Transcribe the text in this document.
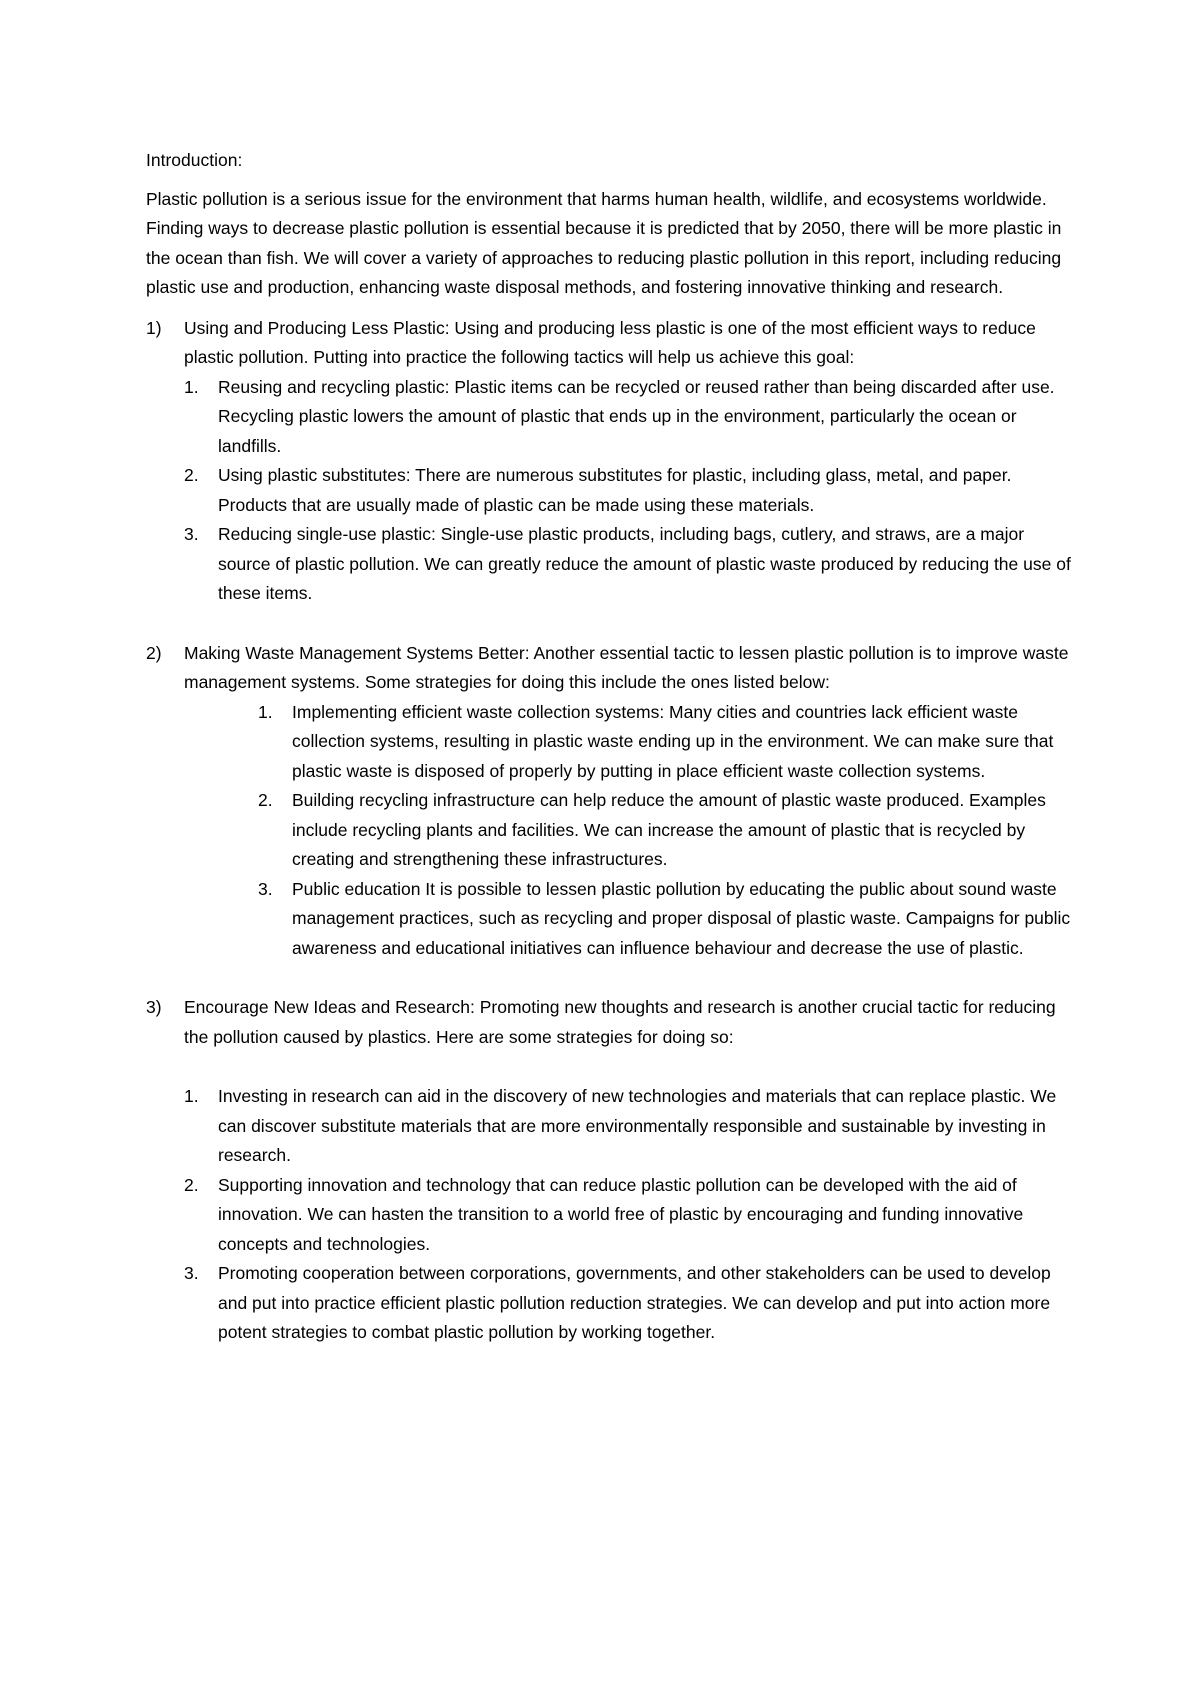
Introduction:

Plastic pollution is a serious issue for the environment that harms human health, wildlife, and ecosystems worldwide. Finding ways to decrease plastic pollution is essential because it is predicted that by 2050, there will be more plastic in the ocean than fish. We will cover a variety of approaches to reducing plastic pollution in this report, including reducing plastic use and production, enhancing waste disposal methods, and fostering innovative thinking and research.

1) Using and Producing Less Plastic: Using and producing less plastic is one of the most efficient ways to reduce plastic pollution. Putting into practice the following tactics will help us achieve this goal:

1. Reusing and recycling plastic: Plastic items can be recycled or reused rather than being discarded after use. Recycling plastic lowers the amount of plastic that ends up in the environment, particularly the ocean or landfills.
2. Using plastic substitutes: There are numerous substitutes for plastic, including glass, metal, and paper. Products that are usually made of plastic can be made using these materials.
3. Reducing single-use plastic: Single-use plastic products, including bags, cutlery, and straws, are a major source of plastic pollution. We can greatly reduce the amount of plastic waste produced by reducing the use of these items.
2) Making Waste Management Systems Better: Another essential tactic to lessen plastic pollution is to improve waste management systems. Some strategies for doing this include the ones listed below:

1. Implementing efficient waste collection systems: Many cities and countries lack efficient waste collection systems, resulting in plastic waste ending up in the environment. We can make sure that plastic waste is disposed of properly by putting in place efficient waste collection systems.
2. Building recycling infrastructure can help reduce the amount of plastic waste produced. Examples include recycling plants and facilities. We can increase the amount of plastic that is recycled by creating and strengthening these infrastructures.
3. Public education It is possible to lessen plastic pollution by educating the public about sound waste management practices, such as recycling and proper disposal of plastic waste. Campaigns for public awareness and educational initiatives can influence behaviour and decrease the use of plastic.
3) Encourage New Ideas and Research: Promoting new thoughts and research is another crucial tactic for reducing the pollution caused by plastics. Here are some strategies for doing so:

1. Investing in research can aid in the discovery of new technologies and materials that can replace plastic. We can discover substitute materials that are more environmentally responsible and sustainable by investing in research.
2. Supporting innovation and technology that can reduce plastic pollution can be developed with the aid of innovation. We can hasten the transition to a world free of plastic by encouraging and funding innovative concepts and technologies.
3. Promoting cooperation between corporations, governments, and other stakeholders can be used to develop and put into practice efficient plastic pollution reduction strategies. We can develop and put into action more potent strategies to combat plastic pollution by working together.
